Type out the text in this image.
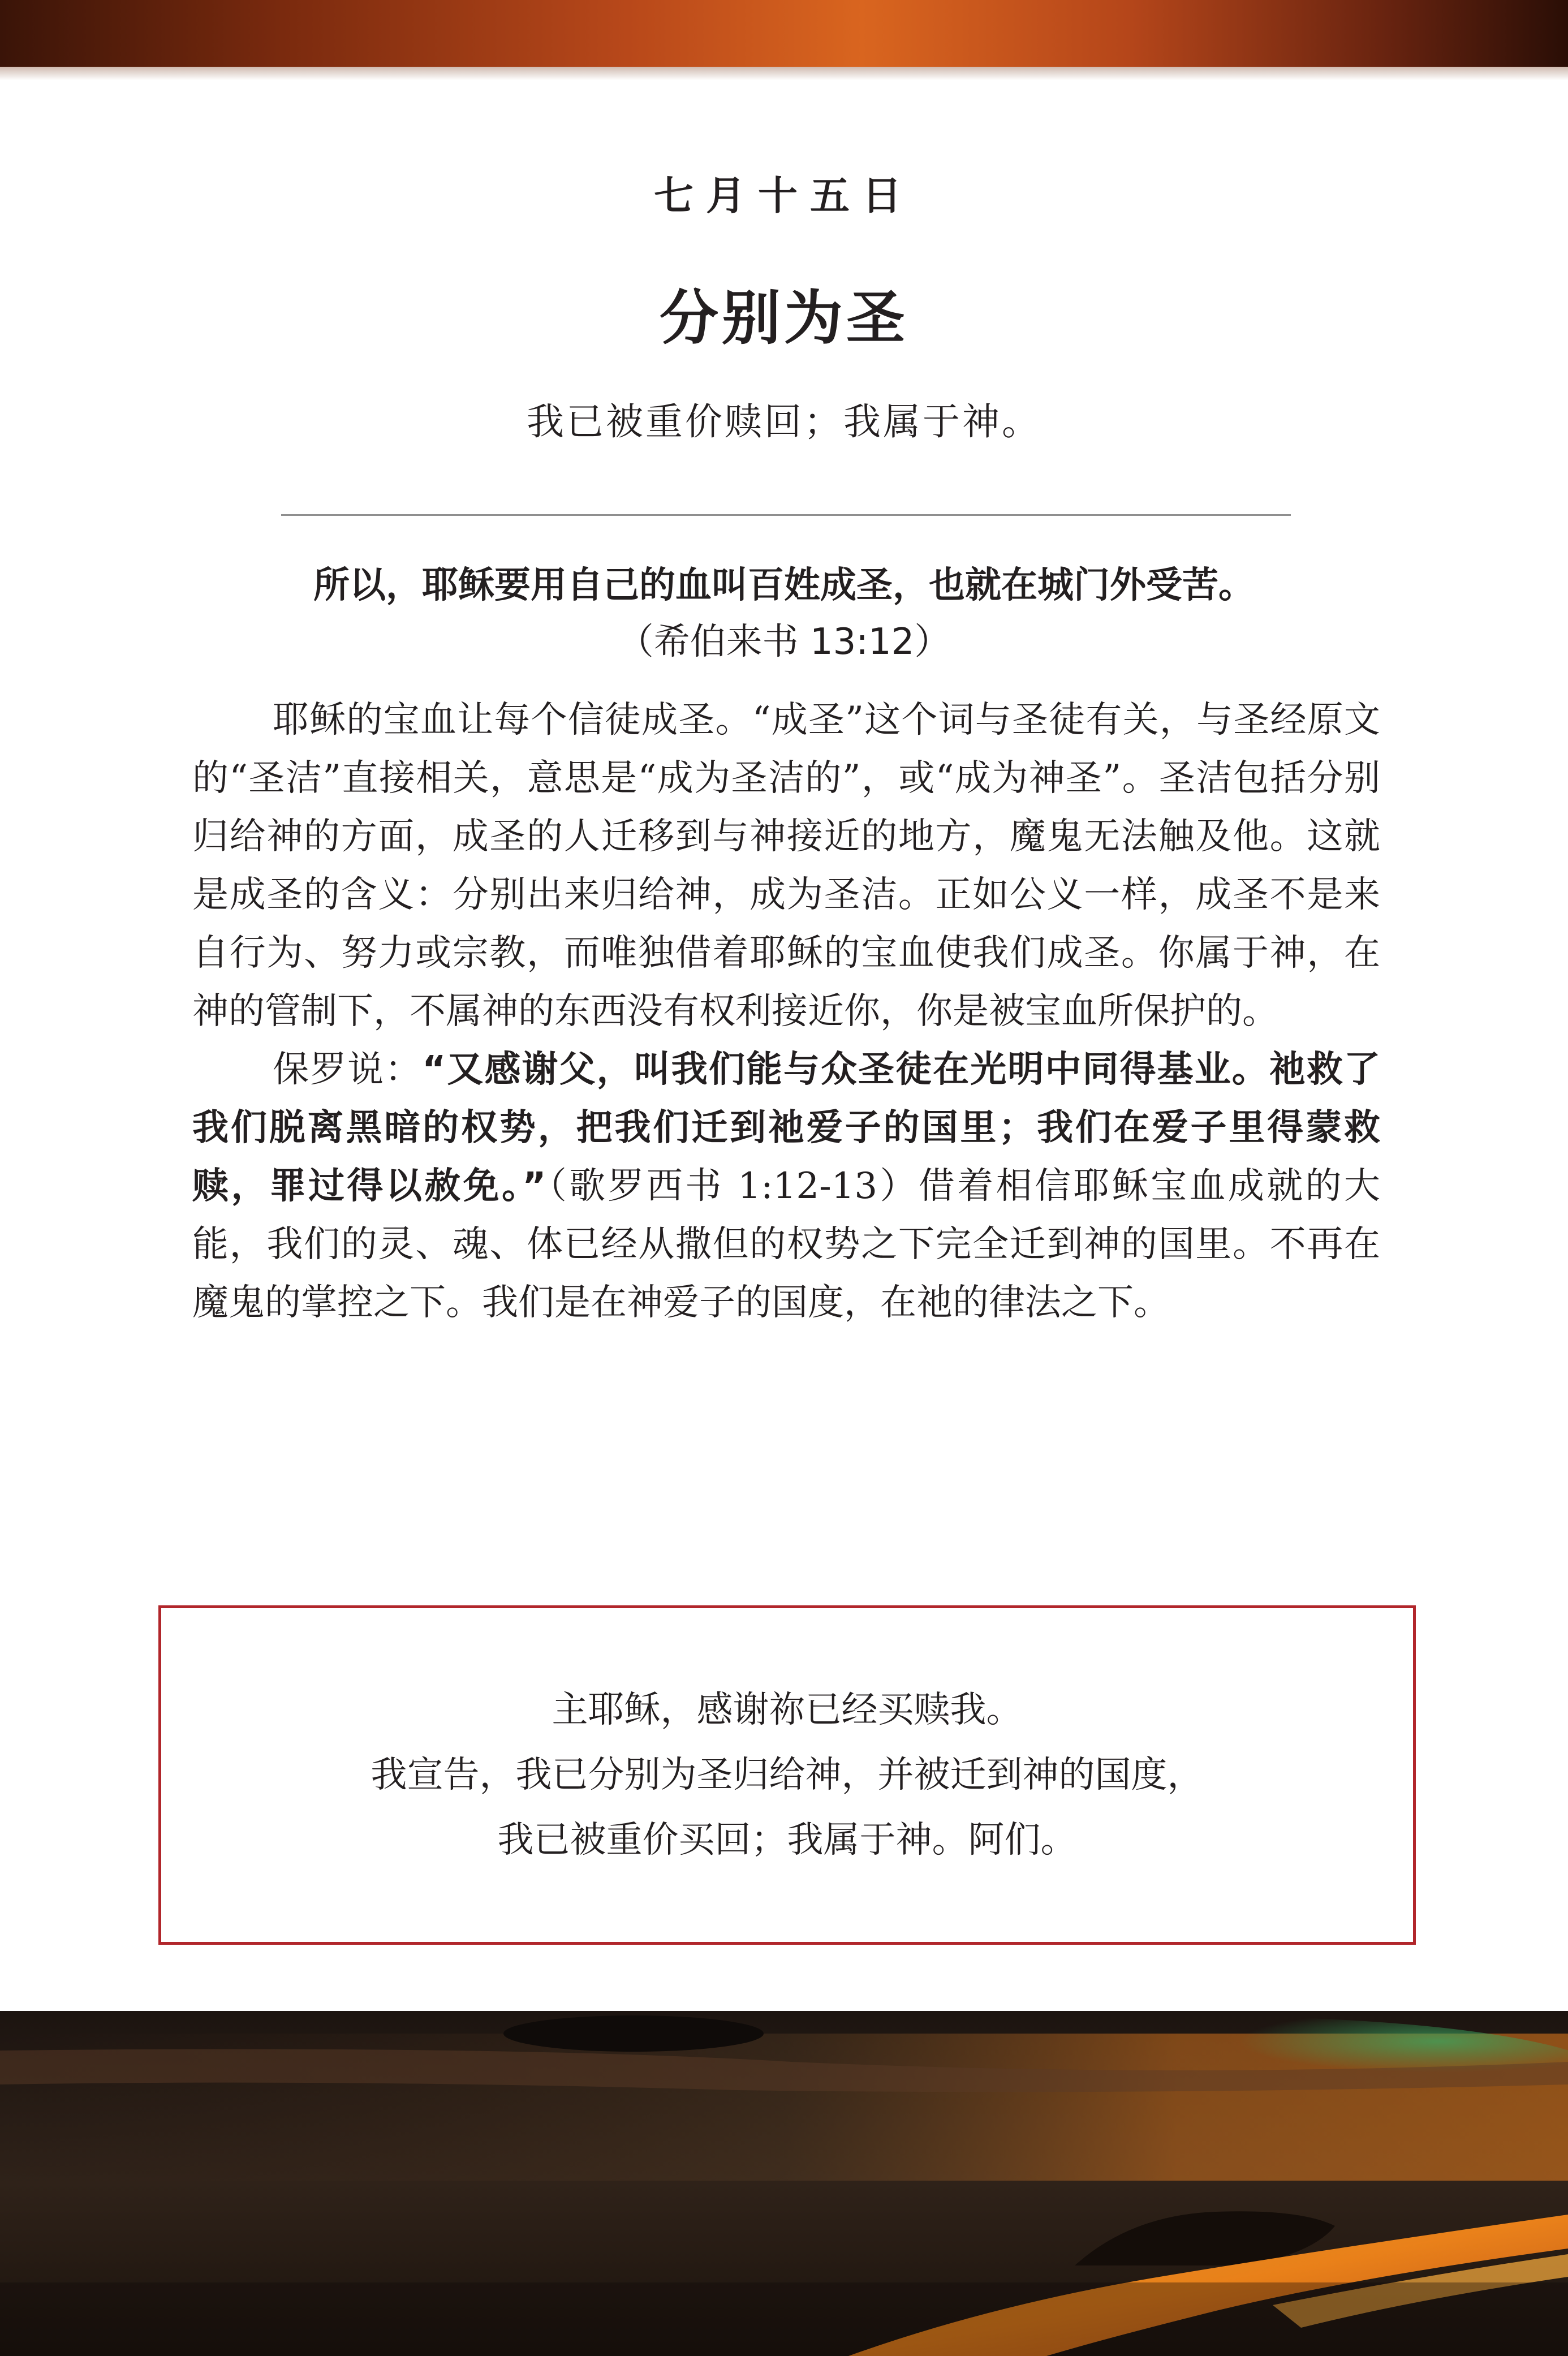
七月十五日
分别为圣
我已被重价赎回；我属于神。
所以，耶稣要用自己的血叫百姓成圣，也就在城门外受苦。
（希伯来书 13:12）

耶稣的宝血让每个信徒成圣。“成圣”这个词与圣徒有关，与圣经原文的“圣洁”直接相关，意思是“成为圣洁的”，或“成为神圣”。圣洁包括分别归给神的方面，成圣的人迁移到与神接近的地方，魔鬼无法触及他。这就是成圣的含义：分别出来归给神，成为圣洁。正如公义一样，成圣不是来自行为、努力或宗教，而唯独借着耶稣的宝血使我们成圣。你属于神，在神的管制下，不属神的东西没有权利接近你，你是被宝血所保护的。

保罗说：“又感谢父，叫我们能与众圣徒在光明中同得基业。祂救了我们脱离黑暗的权势，把我们迁到祂爱子的国里；我们在爱子里得蒙救赎，罪过得以赦免。”（歌罗西书 1:12-13）借着相信耶稣宝血成就的大能，我们的灵、魂、体已经从撒但的权势之下完全迁到神的国里。不再在魔鬼的掌控之下。我们是在神爱子的国度，在祂的律法之下。

主耶稣，感谢祢已经买赎我。
我宣告，我已分别为圣归给神，并被迁到神的国度，
我已被重价买回；我属于神。阿们。
